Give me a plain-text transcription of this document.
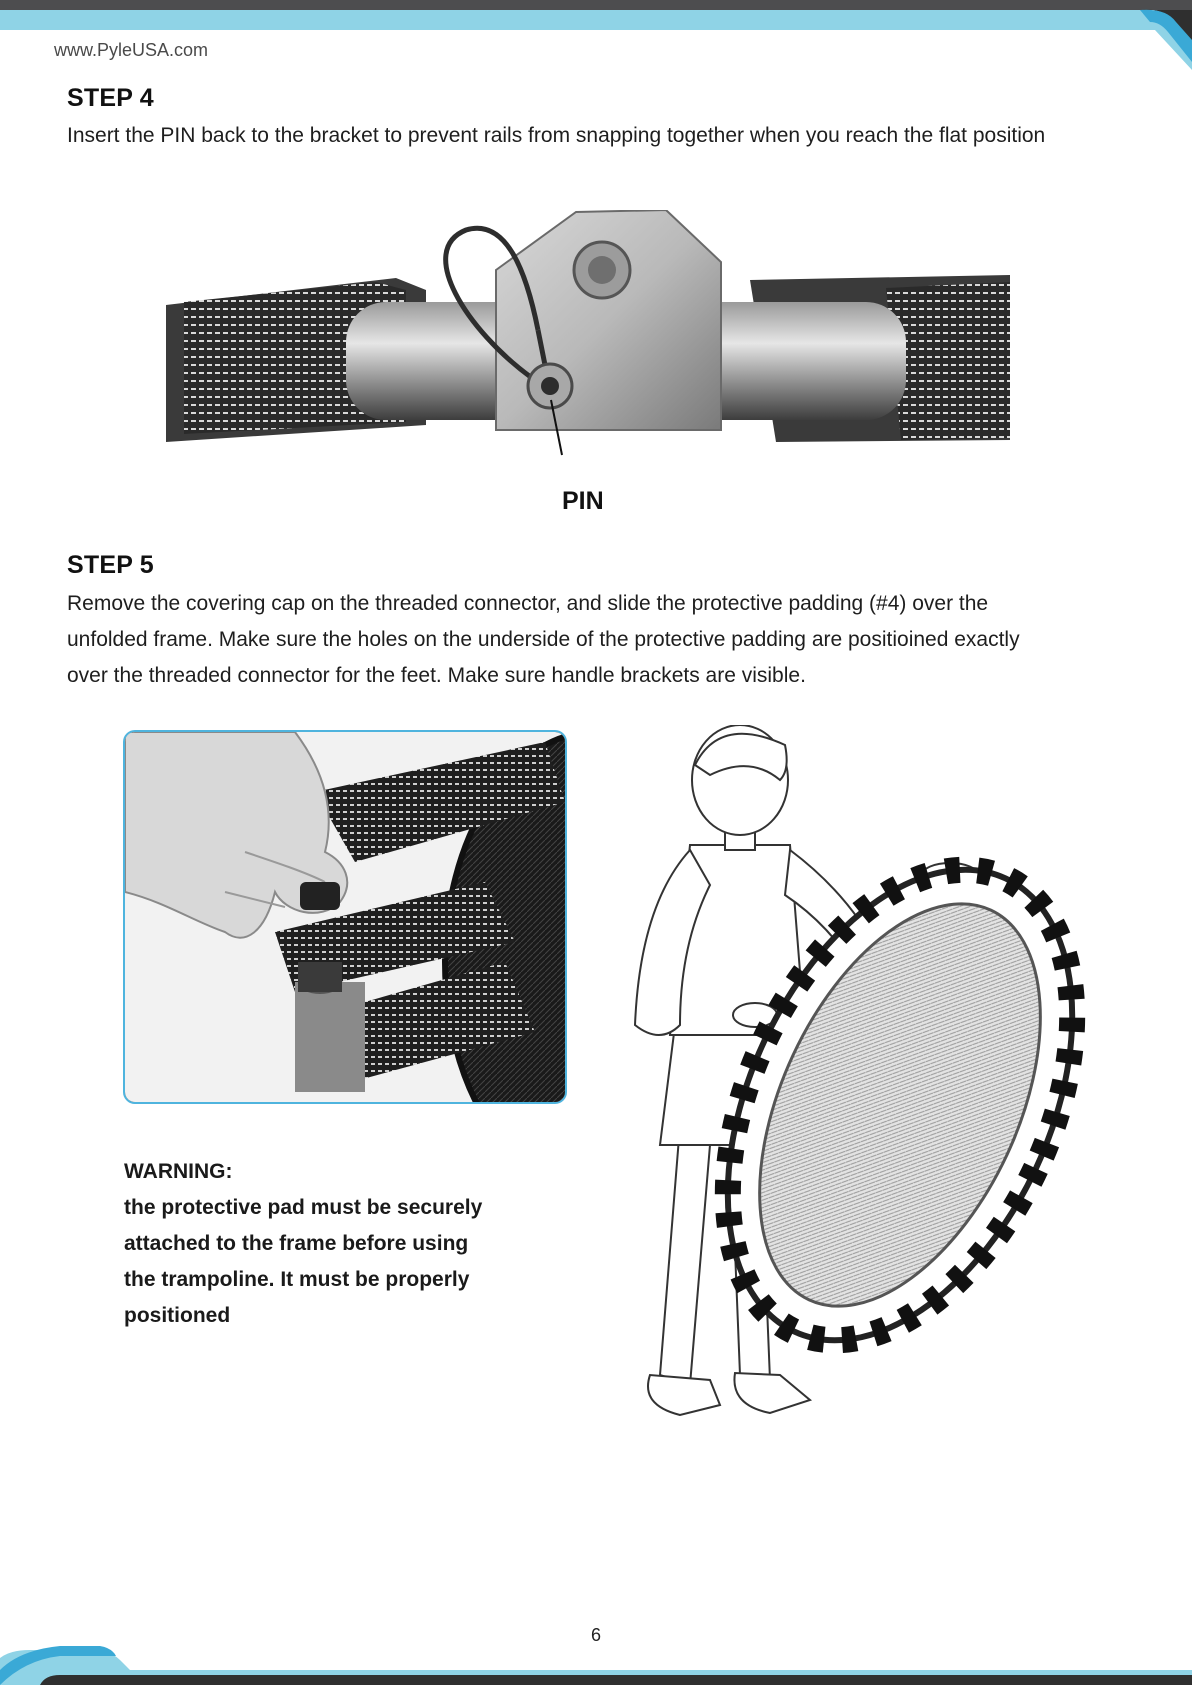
www.PyleUSA.com
STEP 4
Insert the PIN back to the bracket to prevent rails from snapping together when you reach the flat position
PIN
STEP 5
Remove the covering cap on the threaded connector, and slide the protective padding (#4) over the
unfolded frame. Make sure the holes on the underside of the protective padding are positioined exactly
over the threaded connector for the feet. Make sure handle brackets are visible.
WARNING:
the protective pad must be securely
attached to the frame before using
the trampoline. It must be properly
positioned
6
